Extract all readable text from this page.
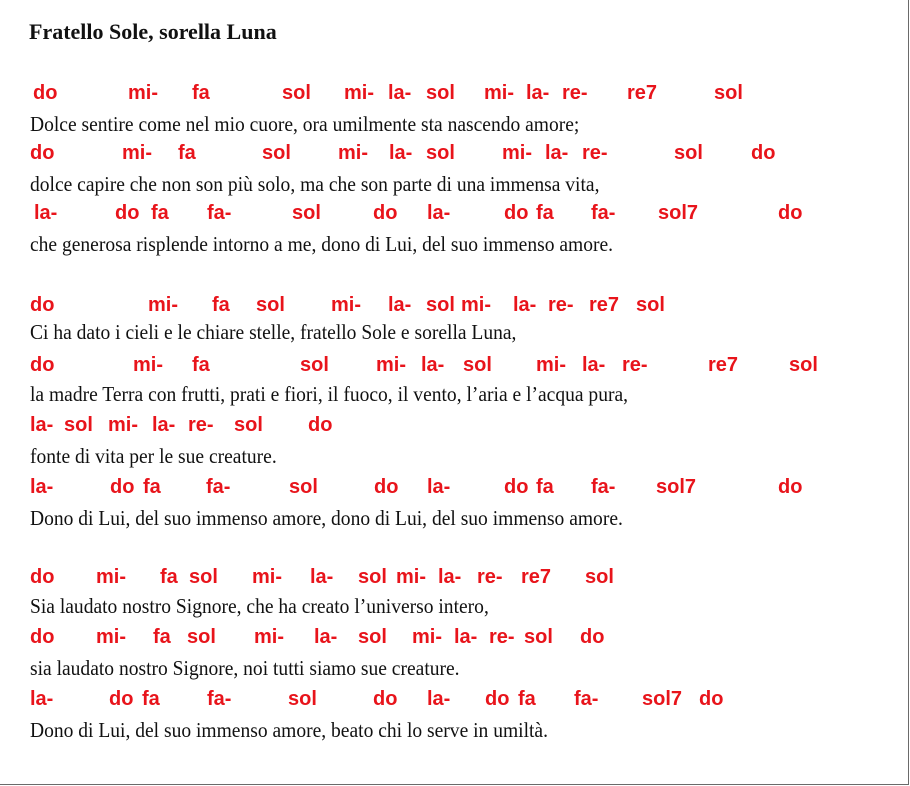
Fratello Sole, sorella Luna
do	mi- fa	sol mi- la- sol mi- la- re- re7	sol
Dolce sentire come nel mio cuore, ora umilmente sta nascendo amore;
do	mi- fa	sol mi- la- sol mi- la- re-	sol do
dolce capire che non son più solo, ma che son parte di una immensa vita,
la-	do fa fa-	sol	do la-	do fa fa- sol7	do
che generosa risplende intorno a me, dono di Lui, del suo immenso amore.
do	mi- fa sol mi- la- sol mi- la- re- re7 sol
Ci ha dato i cieli e le chiare stelle, fratello Sole e sorella Luna,
do	mi- fa	sol mi- la- sol mi- la- re-	re7	sol
la madre Terra con frutti, prati e fiori, il fuoco, il vento, l’aria e l’acqua pura,
la- sol mi- la- re- sol do
fonte di vita per le sue creature.
la-	do fa fa-	sol	do la-	do fa fa- sol7	do
Dono di Lui, del suo immenso amore, dono di Lui, del suo immenso amore.
do mi- fa sol mi- la- sol mi- la- re- re7 sol
Sia laudato nostro Signore, che ha creato l’universo intero,
do mi- fa sol mi- la- sol mi- la- re- sol do
sia laudato nostro Signore, noi tutti siamo sue creature.
la-	do fa fa-	sol	do la- do fa fa- sol7 do
Dono di Lui, del suo immenso amore, beato chi lo serve in umiltà.
